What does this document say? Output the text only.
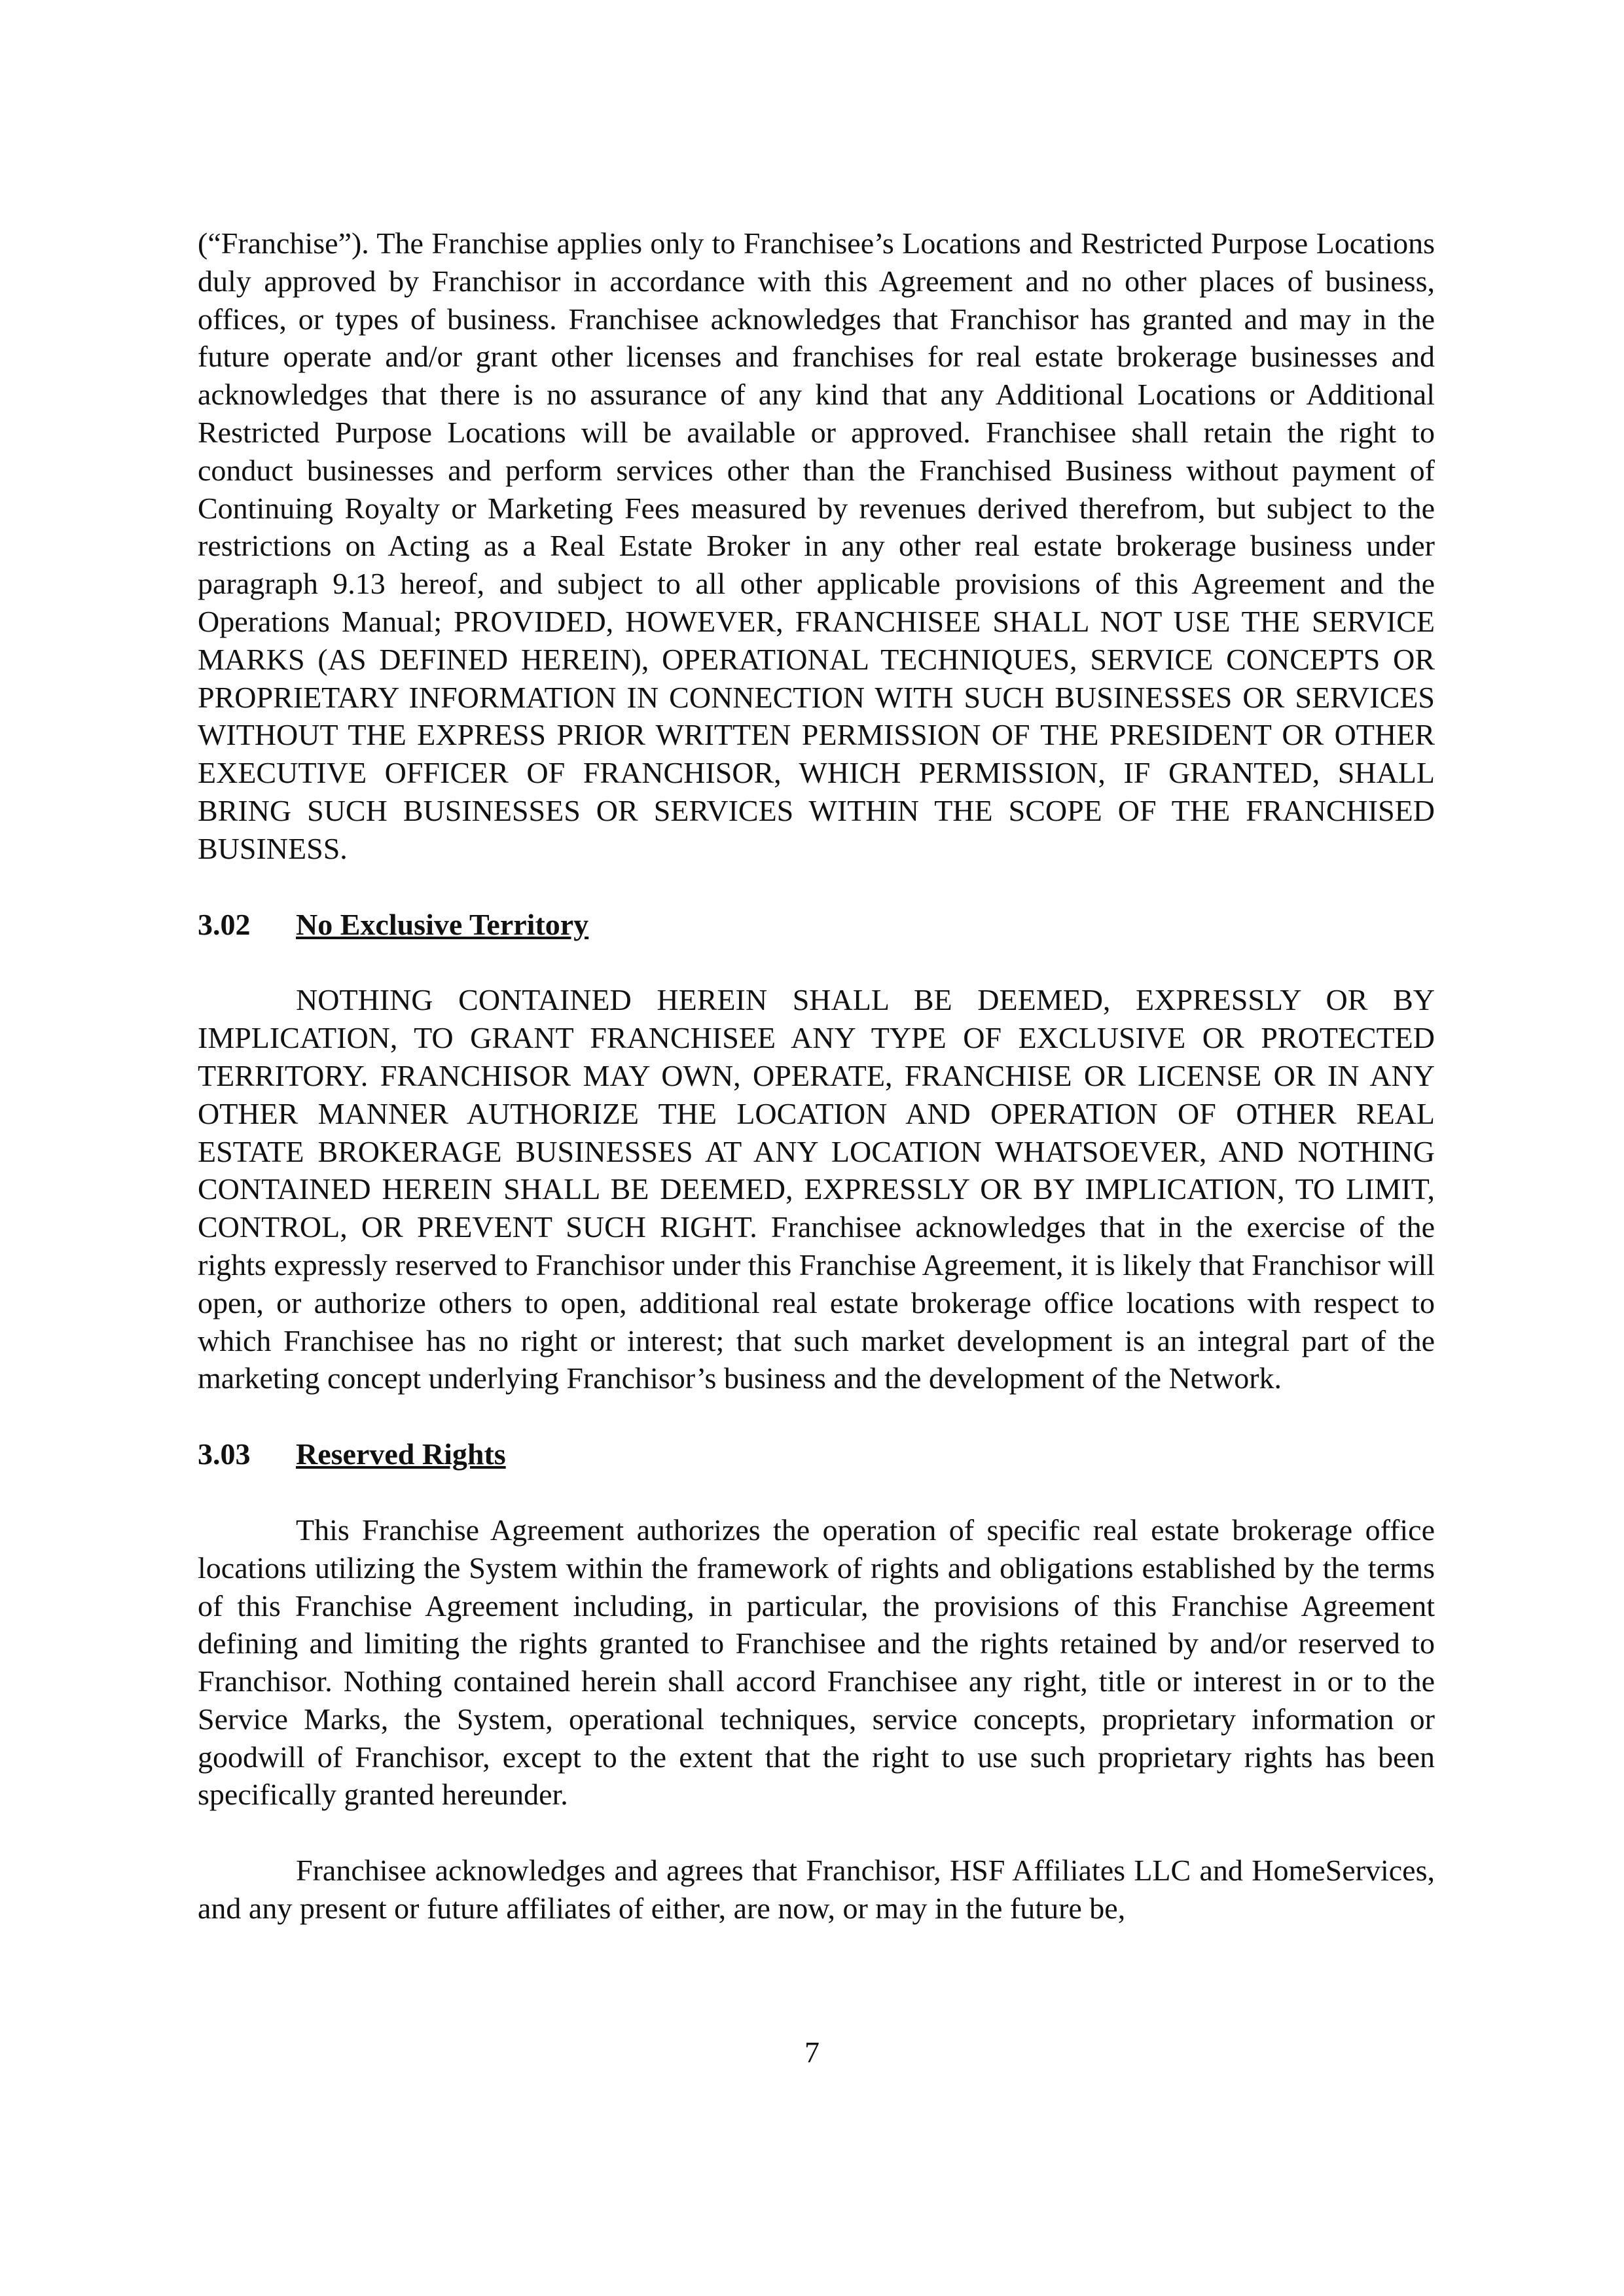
(“Franchise”). The Franchise applies only to Franchisee’s Locations and Restricted Purpose Locations duly approved by Franchisor in accordance with this Agreement and no other places of business, offices, or types of business. Franchisee acknowledges that Franchisor has granted and may in the future operate and/or grant other licenses and franchises for real estate brokerage businesses and acknowledges that there is no assurance of any kind that any Additional Locations or Additional Restricted Purpose Locations will be available or approved. Franchisee shall retain the right to conduct businesses and perform services other than the Franchised Business without payment of Continuing Royalty or Marketing Fees measured by revenues derived therefrom, but subject to the restrictions on Acting as a Real Estate Broker in any other real estate brokerage business under paragraph 9.13 hereof, and subject to all other applicable provisions of this Agreement and the Operations Manual; PROVIDED, HOWEVER, FRANCHISEE SHALL NOT USE THE SERVICE MARKS (AS DEFINED HEREIN), OPERATIONAL TECHNIQUES, SERVICE CONCEPTS OR PROPRIETARY INFORMATION IN CONNECTION WITH SUCH BUSINESSES OR SERVICES WITHOUT THE EXPRESS PRIOR WRITTEN PERMISSION OF THE PRESIDENT OR OTHER EXECUTIVE OFFICER OF FRANCHISOR, WHICH PERMISSION, IF GRANTED, SHALL BRING SUCH BUSINESSES OR SERVICES WITHIN THE SCOPE OF THE FRANCHISED BUSINESS.

3.02 No Exclusive Territory

NOTHING CONTAINED HEREIN SHALL BE DEEMED, EXPRESSLY OR BY IMPLICATION, TO GRANT FRANCHISEE ANY TYPE OF EXCLUSIVE OR PROTECTED TERRITORY. FRANCHISOR MAY OWN, OPERATE, FRANCHISE OR LICENSE OR IN ANY OTHER MANNER AUTHORIZE THE LOCATION AND OPERATION OF OTHER REAL ESTATE BROKERAGE BUSINESSES AT ANY LOCATION WHATSOEVER, AND NOTHING CONTAINED HEREIN SHALL BE DEEMED, EXPRESSLY OR BY IMPLICATION, TO LIMIT, CONTROL, OR PREVENT SUCH RIGHT. Franchisee acknowledges that in the exercise of the rights expressly reserved to Franchisor under this Franchise Agreement, it is likely that Franchisor will open, or authorize others to open, additional real estate brokerage office locations with respect to which Franchisee has no right or interest; that such market development is an integral part of the marketing concept underlying Franchisor’s business and the development of the Network.

3.03 Reserved Rights

This Franchise Agreement authorizes the operation of specific real estate brokerage office locations utilizing the System within the framework of rights and obligations established by the terms of this Franchise Agreement including, in particular, the provisions of this Franchise Agreement defining and limiting the rights granted to Franchisee and the rights retained by and/or reserved to Franchisor. Nothing contained herein shall accord Franchisee any right, title or interest in or to the Service Marks, the System, operational techniques, service concepts, proprietary information or goodwill of Franchisor, except to the extent that the right to use such proprietary rights has been specifically granted hereunder.

Franchisee acknowledges and agrees that Franchisor, HSF Affiliates LLC and HomeServices, and any present or future affiliates of either, are now, or may in the future be,

7
